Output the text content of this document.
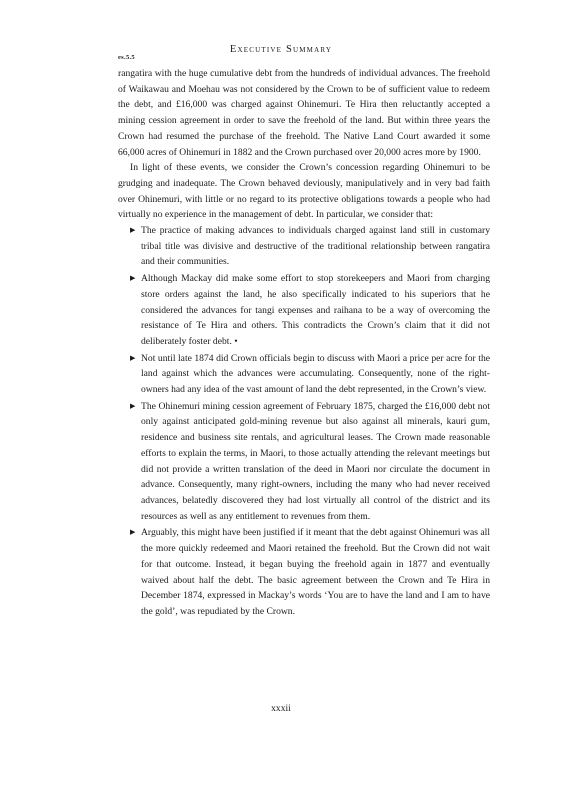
Executive Summary
es.5.5

rangatira with the huge cumulative debt from the hundreds of individual advances. The freehold of Waikawau and Moehau was not considered by the Crown to be of sufficient value to redeem the debt, and £16,000 was charged against Ohinemuri. Te Hira then reluctantly accepted a mining cession agreement in order to save the freehold of the land. But within three years the Crown had resumed the purchase of the freehold. The Native Land Court awarded it some 66,000 acres of Ohinemuri in 1882 and the Crown purchased over 20,000 acres more by 1900.

In light of these events, we consider the Crown’s concession regarding Ohinemuri to be grudging and inadequate. The Crown behaved deviously, manipulatively and in very bad faith over Ohinemuri, with little or no regard to its protective obligations towards a people who had virtually no experience in the management of debt. In particular, we consider that:

▶ The practice of making advances to individuals charged against land still in customary tribal title was divisive and destructive of the traditional relationship between rangatira and their communities.
▶ Although Mackay did make some effort to stop storekeepers and Maori from charging store orders against the land, he also specifically indicated to his superiors that he considered the advances for tangi expenses and raihana to be a way of overcoming the resistance of Te Hira and others. This contradicts the Crown’s claim that it did not deliberately foster debt. •
▶ Not until late 1874 did Crown officials begin to discuss with Maori a price per acre for the land against which the advances were accumulating. Consequently, none of the right-owners had any idea of the vast amount of land the debt represented, in the Crown’s view.
▶ The Ohinemuri mining cession agreement of February 1875, charged the £16,000 debt not only against anticipated gold-mining revenue but also against all minerals, kauri gum, residence and business site rentals, and agricultural leases. The Crown made reasonable efforts to explain the terms, in Maori, to those actually attending the relevant meetings but did not provide a written translation of the deed in Maori nor circulate the document in advance. Consequently, many right-owners, including the many who had never received advances, belatedly discovered they had lost virtually all control of the district and its resources as well as any entitlement to revenues from them.
▶ Arguably, this might have been justified if it meant that the debt against Ohinemuri was all the more quickly redeemed and Maori retained the freehold. But the Crown did not wait for that outcome. Instead, it began buying the freehold again in 1877 and eventually waived about half the debt. The basic agreement between the Crown and Te Hira in December 1874, expressed in Mackay’s words ‘You are to have the land and I am to have the gold’, was repudiated by the Crown.
xxxii
